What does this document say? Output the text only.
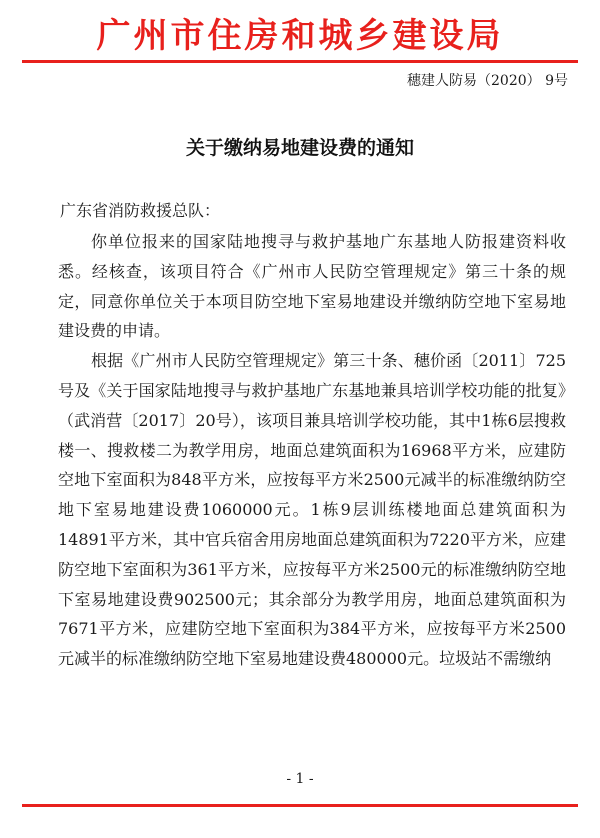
广州市住房和城乡建设局
穗建人防易（2020） 9号
关于缴纳易地建设费的通知
广东省消防救援总队：

你单位报来的国家陆地搜寻与救护基地广东基地人防报建资料收悉。经核查，该项目符合《广州市人民防空管理规定》第三十条的规定，同意你单位关于本项目防空地下室易地建设并缴纳防空地下室易地建设费的申请。

根据《广州市人民防空管理规定》第三十条、穗价函〔2011〕725号及《关于国家陆地搜寻与救护基地广东基地兼具培训学校功能的批复》（武消营〔2017〕20号），该项目兼具培训学校功能，其中1栋6层搜救楼一、搜救楼二为教学用房，地面总建筑面积为16968平方米，应建防空地下室面积为848平方米，应按每平方米2500元减半的标准缴纳防空地下室易地建设费1060000元。1栋9层训练楼地面总建筑面积为14891平方米，其中官兵宿舍用房地面总建筑面积为7220平方米，应建防空地下室面积为361平方米，应按每平方米2500元的标准缴纳防空地下室易地建设费902500元；其余部分为教学用房，地面总建筑面积为7671平方米，应建防空地下室面积为384平方米，应按每平方米2500元减半的标准缴纳防空地下室易地建设费480000元。垃圾站不需缴纳

- 1 -
